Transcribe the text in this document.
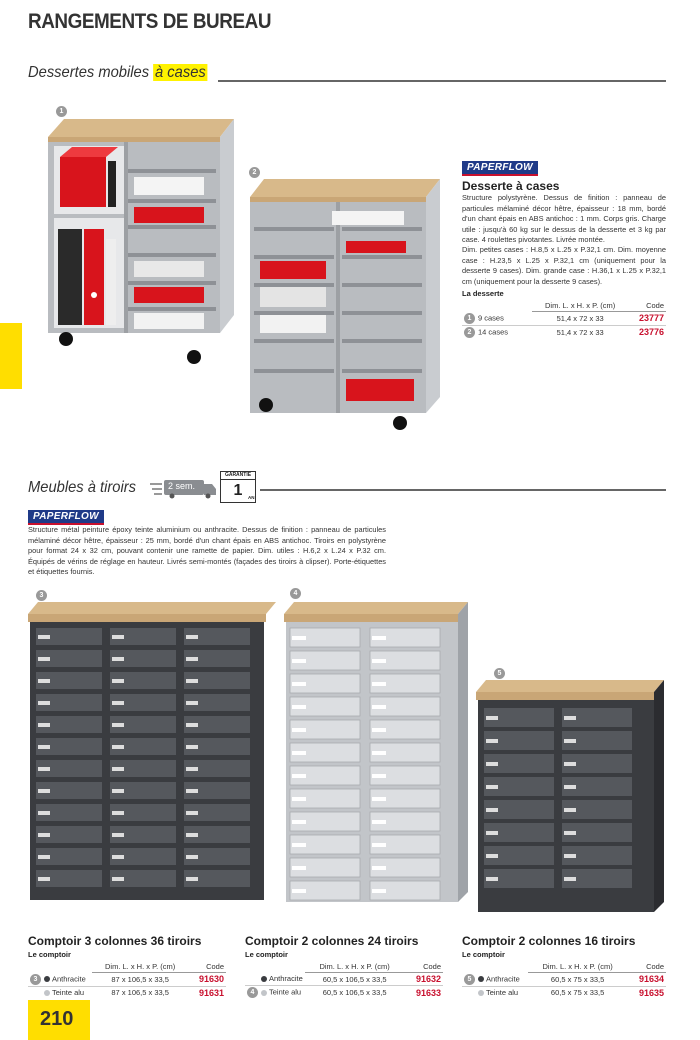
RANGEMENTS DE BUREAU
Dessertes mobiles à cases
1
2	PAPERFLOW
Desserte à cases
Structure polystyrène. Dessus de finition : panneau de particules mélaminé décor hêtre, épaisseur : 18 mm, bordé d'un chant épais en ABS antichoc : 1 mm. Corps gris. Charge utile : jusqu'à 60 kg sur le dessus de la desserte et 3 kg par case. 4 roulettes pivotantes. Livrée montée.
Dim. petites cases : H.8,5 x L.25 x P.32,1 cm. Dim. moyenne case : H.23,5 x L.25 x P.32,1 cm (uniquement pour la desserte 9 cases). Dim. grande case : H.36,1 x L.25 x P.32,1 cm (uniquement pour la desserte 9 cases).
La desserte
	Dim. L. x H. x P. (cm)	Code
1 9 cases	51,4 x 72 x 33	23777
2 14 cases	51,4 x 72 x 33	23776
Meubles à tiroirs	2 sem.
GARANTIE
1	AN
PAPERFLOW
Structure métal peinture époxy teinte aluminium ou anthracite. Dessus de finition : panneau de particules mélaminé décor hêtre, épaisseur : 25 mm, bordé d'un chant épais en ABS antichoc. Tiroirs en polystyrène pour format 24 x 32 cm, pouvant contenir une ramette de papier. Dim. utiles : H.6,2 x L.24 x P.32 cm. Équipés de vérins de réglage en hauteur. Livrés semi-montés (façades des tiroirs à clipser). Porte-étiquettes et étiquettes fournis.
3	4
5
Comptoir 3 colonnes 36 tiroirs
Le comptoir
	Dim. L. x H. x P. (cm)	Code
3 Anthracite	87 x 106,5 x 33,5	91630
Teinte alu	87 x 106,5 x 33,5	91631
Comptoir 2 colonnes 24 tiroirs
Le comptoir
	Dim. L. x H. x P. (cm)	Code
Anthracite	60,5 x 106,5 x 33,5	91632
4 Teinte alu	60,5 x 106,5 x 33,5	91633
Comptoir 2 colonnes 16 tiroirs
Le comptoir
	Dim. L. x H. x P. (cm)	Code
5 Anthracite	60,5 x 75 x 33,5	91634
Teinte alu	60,5 x 75 x 33,5	91635
210
